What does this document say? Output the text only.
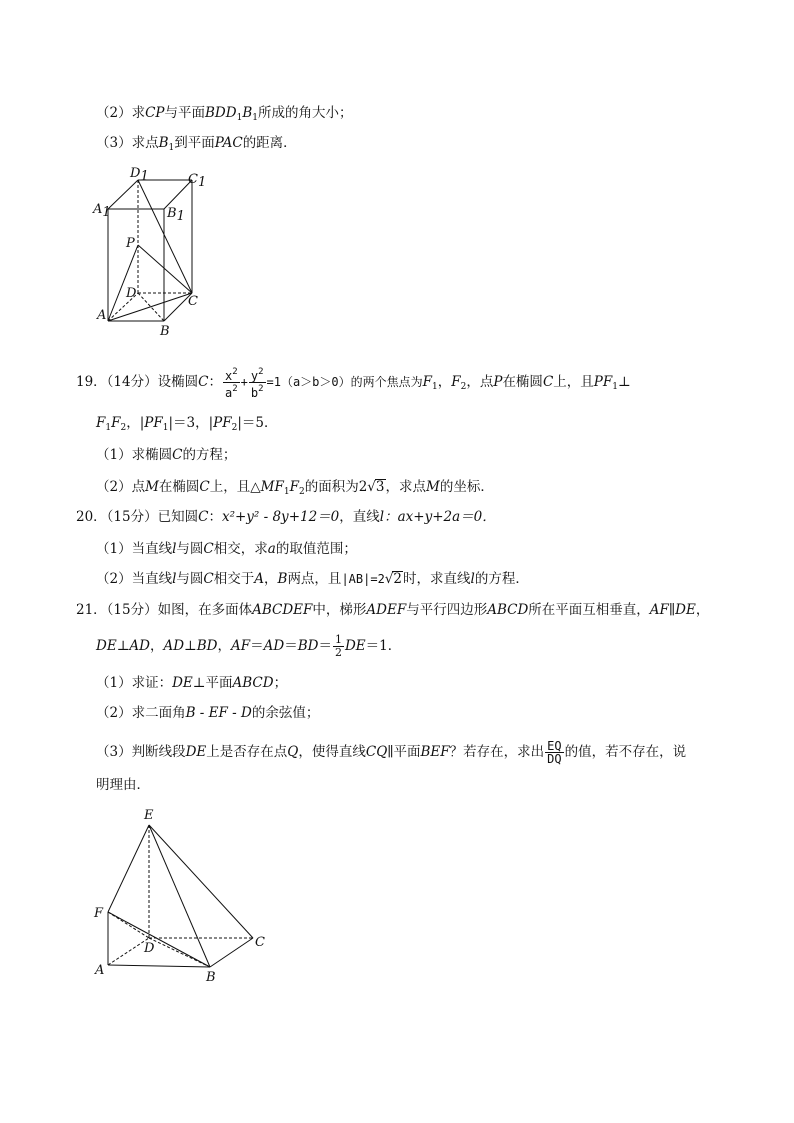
（2）求CP与平面$BDD_1B_1$所成的角大小；
（3）求点$B_1$到平面PAC的距离．
D1	C1
A1	B1
P
D
C
A
B
19．（14分）设椭圆C： $\frac{x^2}{a^2} + \frac{y^2}{b^2} =1(a>b>0)$的两个焦点为$F_1$，$F_2$，点P在椭圆C上，且$PF_1\perp$
$F_1F_2$，$|PF_1|=3$，$|PF_2|=5$．
（1）求椭圆C的方程；
（2）点M在椭圆C上，且$\triangle MF_1F_2$的面积为2√3，求点M的坐标．
20．（15分）已知圆C：x²+y² - 8y+12＝0，直线l：ax+y+2a＝0．
（1）当直线l与圆C相交，求a的取值范围；
（2）当直线l与圆C相交于A，B两点，且|AB|=2√2时，求直线l的方程．
21．（15分）如图，在多面体ABCDEF中，梯形ADEF与平行四边形ABCD所在平面互相垂直，AF∥DE，
DE⊥AD，AD⊥BD，$AF=AD=BD= \frac{1}{2} DE=1$．
（1）求证：DE⊥平面ABCD；
（2）求二面角B - EF - D的余弦值；
（3）判断线段DE上是否存在点Q，使得直线CQ∥平面BEF？若存在，求出 $\frac{EQ}{DQ}$ 的值，若不存在，说
明理由．
E
F
D	C
A	B
